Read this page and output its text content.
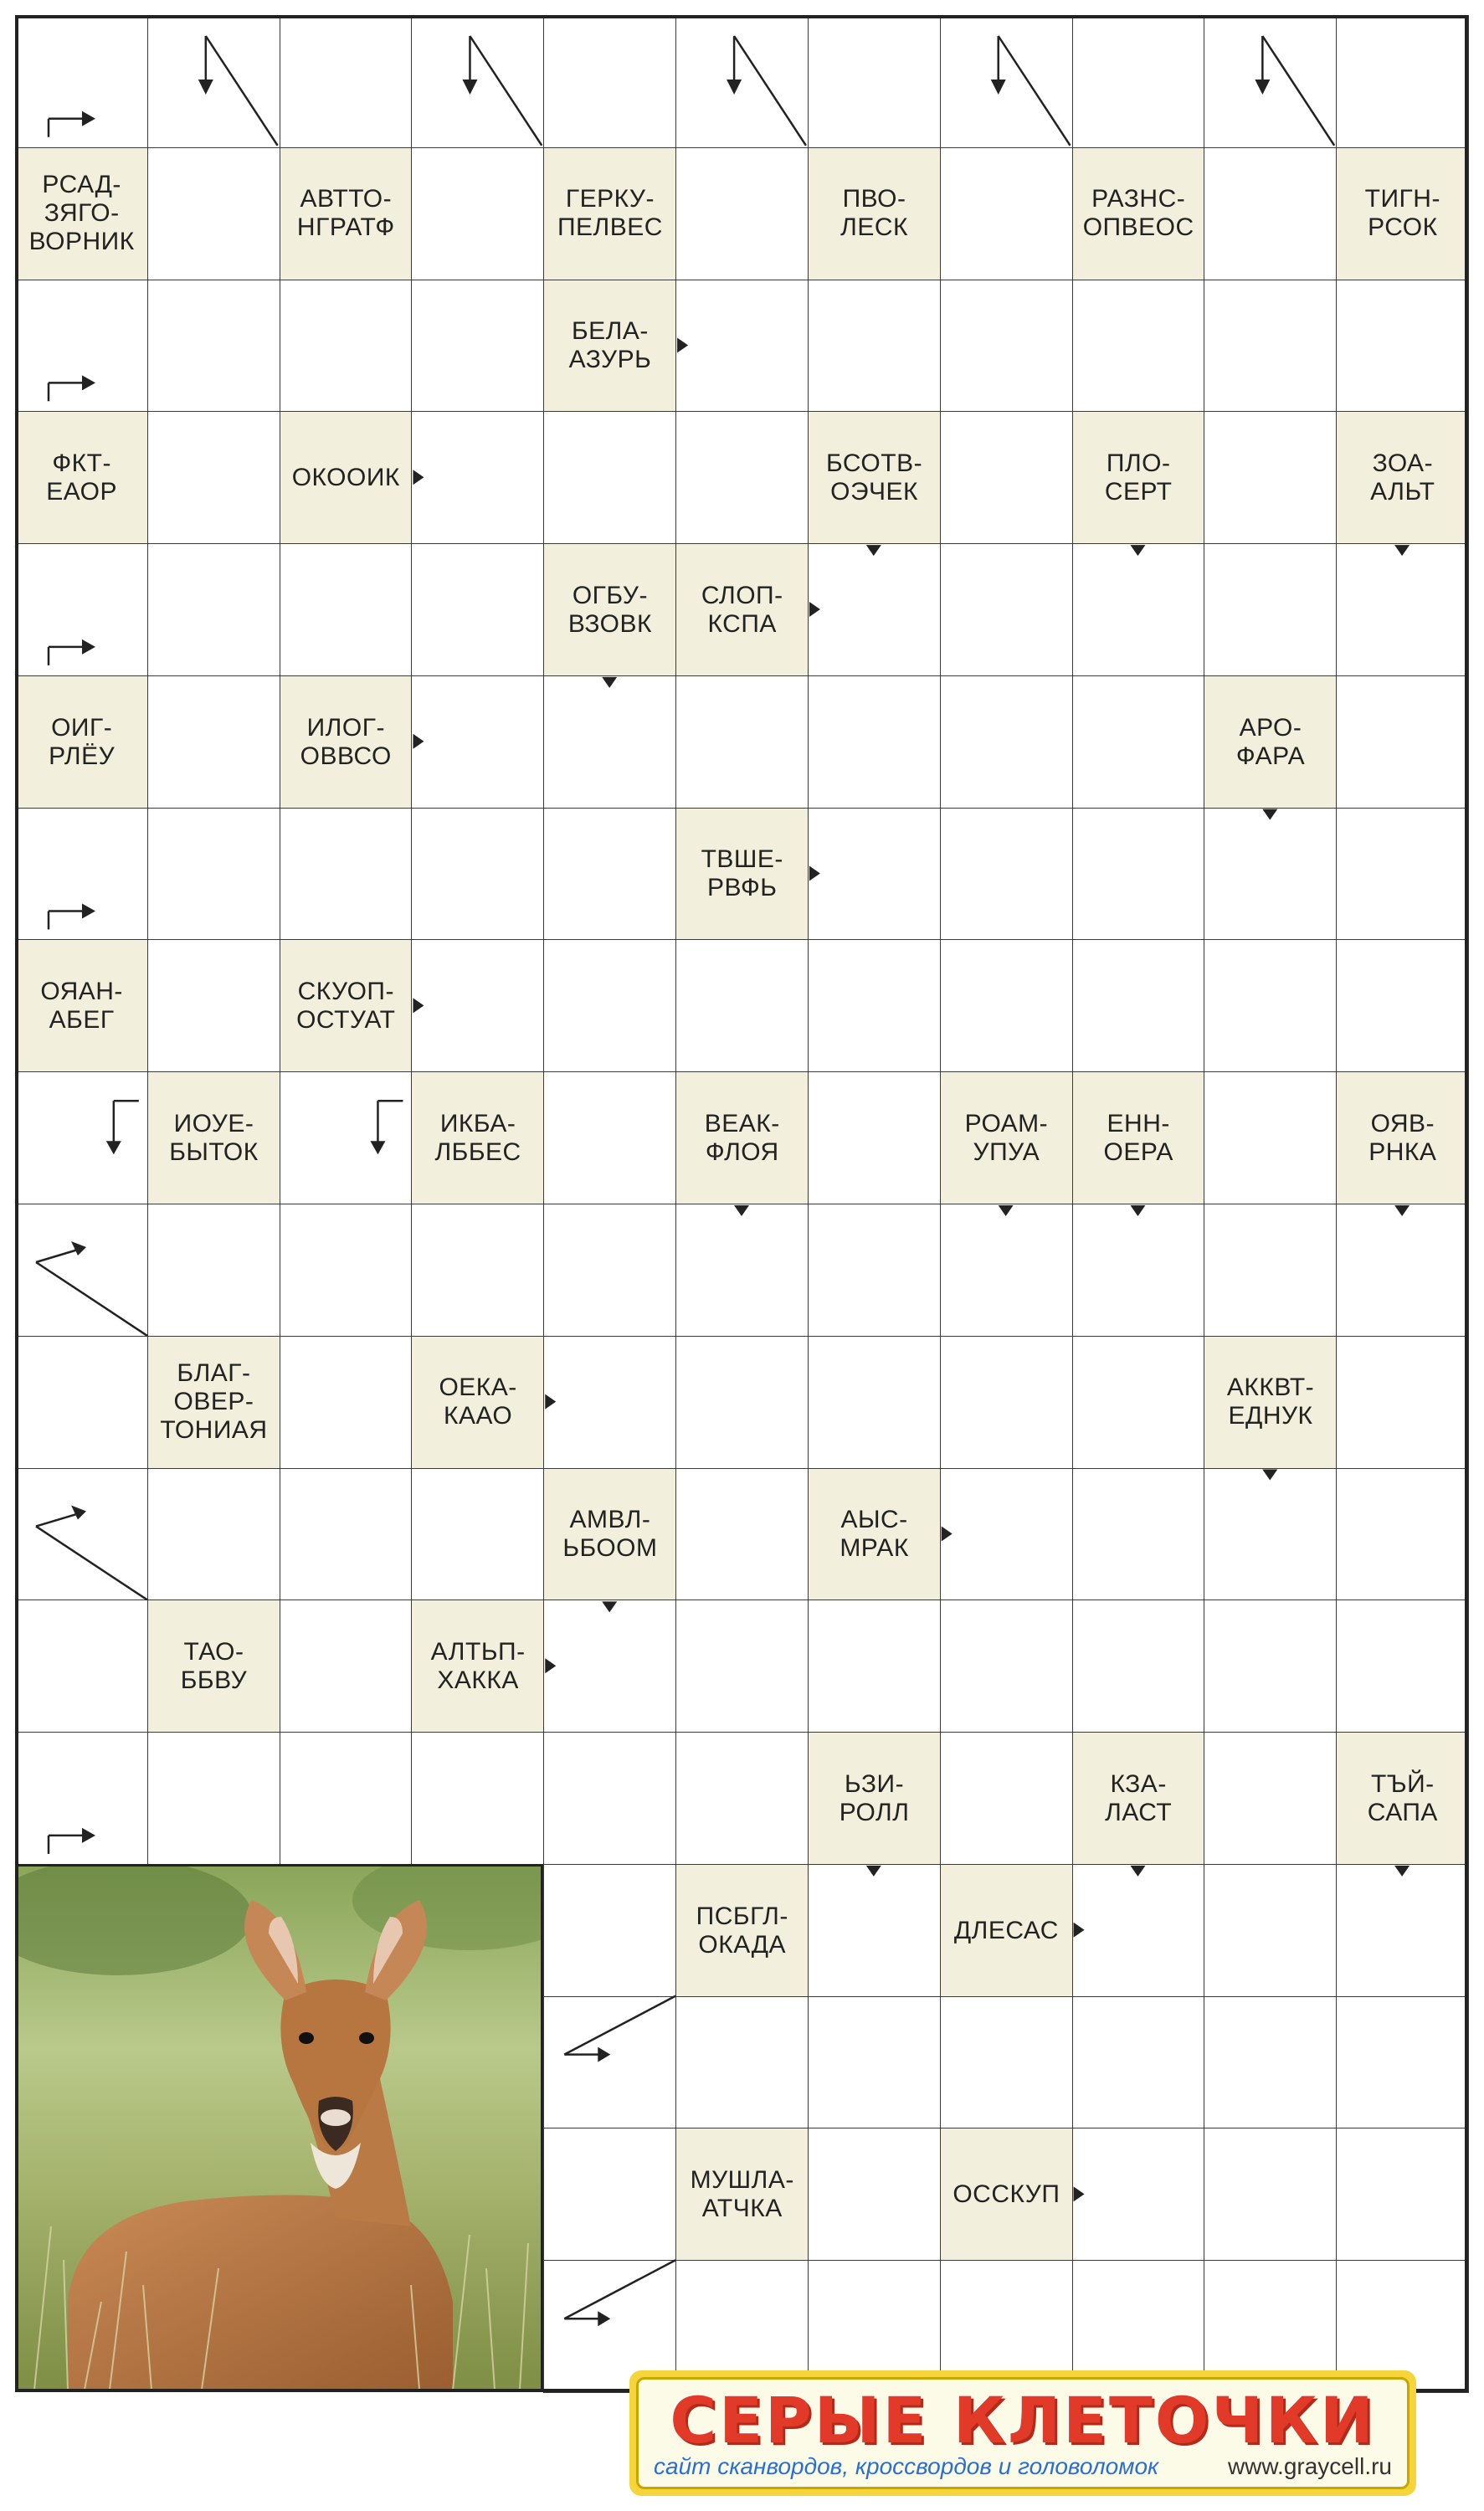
РСАД-
ЗЯГО-
ВОРНИК
АВТТО-
НГРАТФ
ГЕРКУ-
ПЕЛВЕС
ПВО-
ЛЕСК
РАЗНС-
ОПВЕОС
ТИГН-
РСОК
БЕЛА-
АЗУРЬ
ФКТ-
ЕАОР
ОКООИК
БСОТВ-
ОЭЧЕК
ПЛО-
СЕРТ
ЗОА-
АЛЬТ
ОГБУ-
ВЗОВК
СЛОП-
КСПА
ОИГ-
РЛЁУ
ИЛОГ-
ОВВСО
АРО-
ФАРА
ТВШЕ-
РВФЬ
ОЯАН-
АБЕГ
СКУОП-
ОСТУАТ
ИОУЕ-
БЫТОК
ИКБА-
ЛББЕС
ВЕАК-
ФЛОЯ
РОАМ-
УПУА
ЕНН-
ОЕРА
ОЯВ-
РНКА
БЛАГ-
ОВЕР-
ТОНИАЯ
ОЕКА-
КААО
АККВТ-
ЕДНУК
АМВЛ-
ЬБООМ
АЫС-
МРАК
ТАО-
ББВУ
АЛТЬП-
ХАККА
ЬЗИ-
РОЛЛ
КЗА-
ЛАСТ
ТЪЙ-
САПА
ПСБГЛ-
ОКАДА
ДЛЕСАС
МУШЛА-
АТЧКА
ОССКУП
СЕРЫЕ КЛЕТОЧКИ
сайт сканвордов, кроссвордов и головоломок	www.graycell.ru
